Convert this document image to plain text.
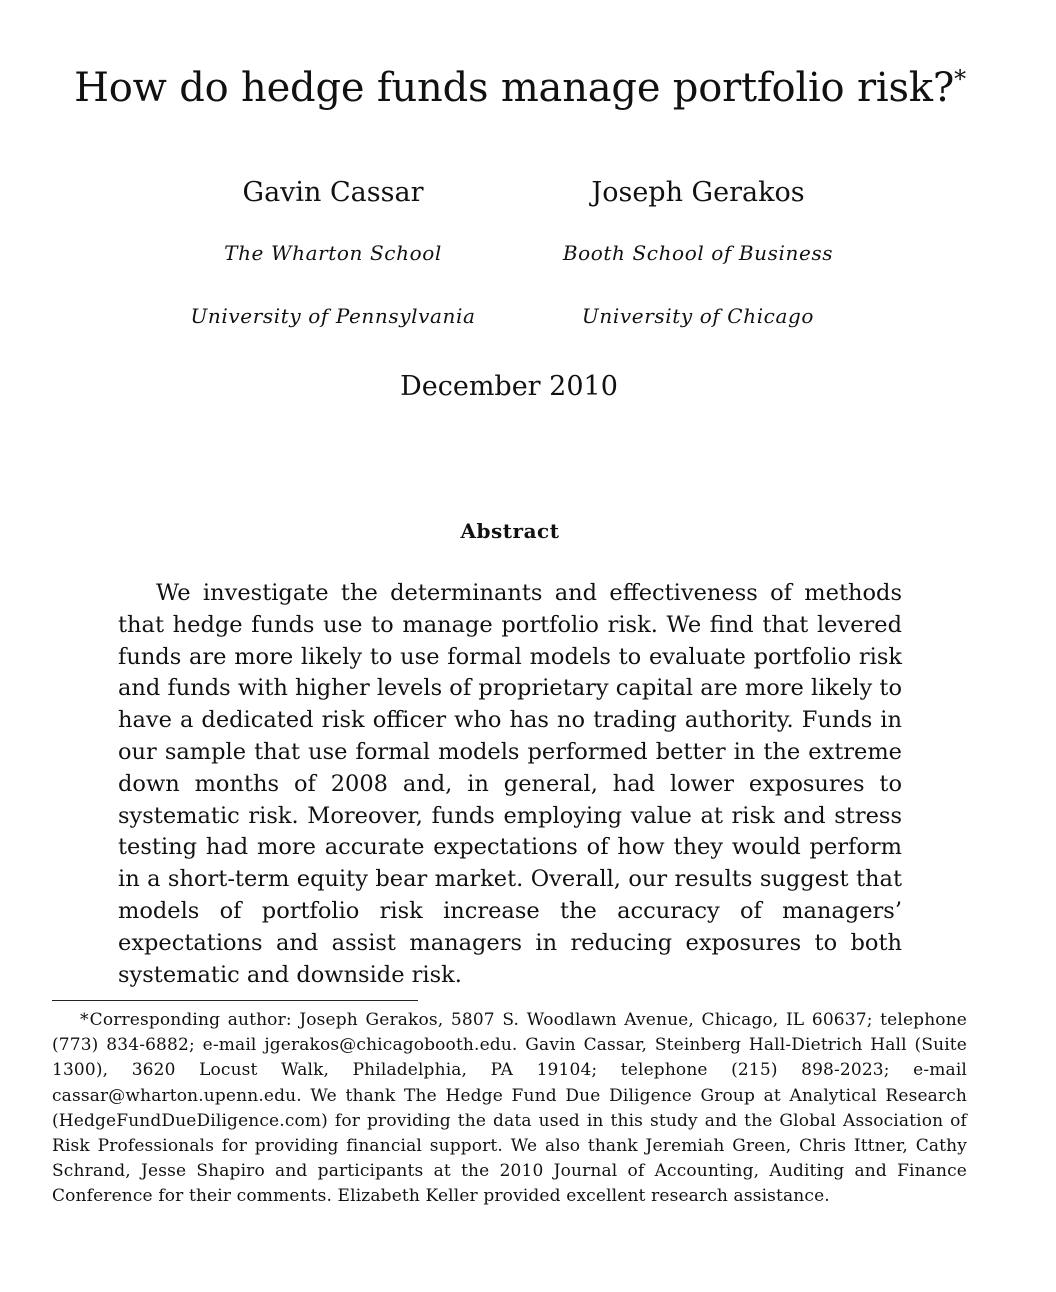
How do hedge funds manage portfolio risk?*
Gavin Cassar
The Wharton School
University of Pennsylvania
Joseph Gerakos
Booth School of Business
University of Chicago
December 2010
Abstract

We investigate the determinants and effectiveness of methods that hedge funds use to manage portfolio risk. We find that levered funds are more likely to use formal models to evaluate portfolio risk and funds with higher levels of proprietary capital are more likely to have a dedicated risk officer who has no trading authority. Funds in our sample that use formal models performed better in the extreme down months of 2008 and, in general, had lower exposures to systematic risk. Moreover, funds employing value at risk and stress testing had more accurate expectations of how they would perform in a short-term equity bear market. Overall, our results suggest that models of portfolio risk increase the accuracy of managers’ expectations and assist managers in reducing exposures to both systematic and downside risk.

*Corresponding author: Joseph Gerakos, 5807 S. Woodlawn Avenue, Chicago, IL 60637; telephone (773) 834-6882; e-mail jgerakos@chicagobooth.edu. Gavin Cassar, Steinberg Hall-Dietrich Hall (Suite 1300), 3620 Locust Walk, Philadelphia, PA 19104; telephone (215) 898-2023; e-mail cassar@wharton.upenn.edu. We thank The Hedge Fund Due Diligence Group at Analytical Research (HedgeFundDueDiligence.com) for providing the data used in this study and the Global Association of Risk Professionals for providing financial support. We also thank Jeremiah Green, Chris Ittner, Cathy Schrand, Jesse Shapiro and participants at the 2010 Journal of Accounting, Auditing and Finance Conference for their comments. Elizabeth Keller provided excellent research assistance.
